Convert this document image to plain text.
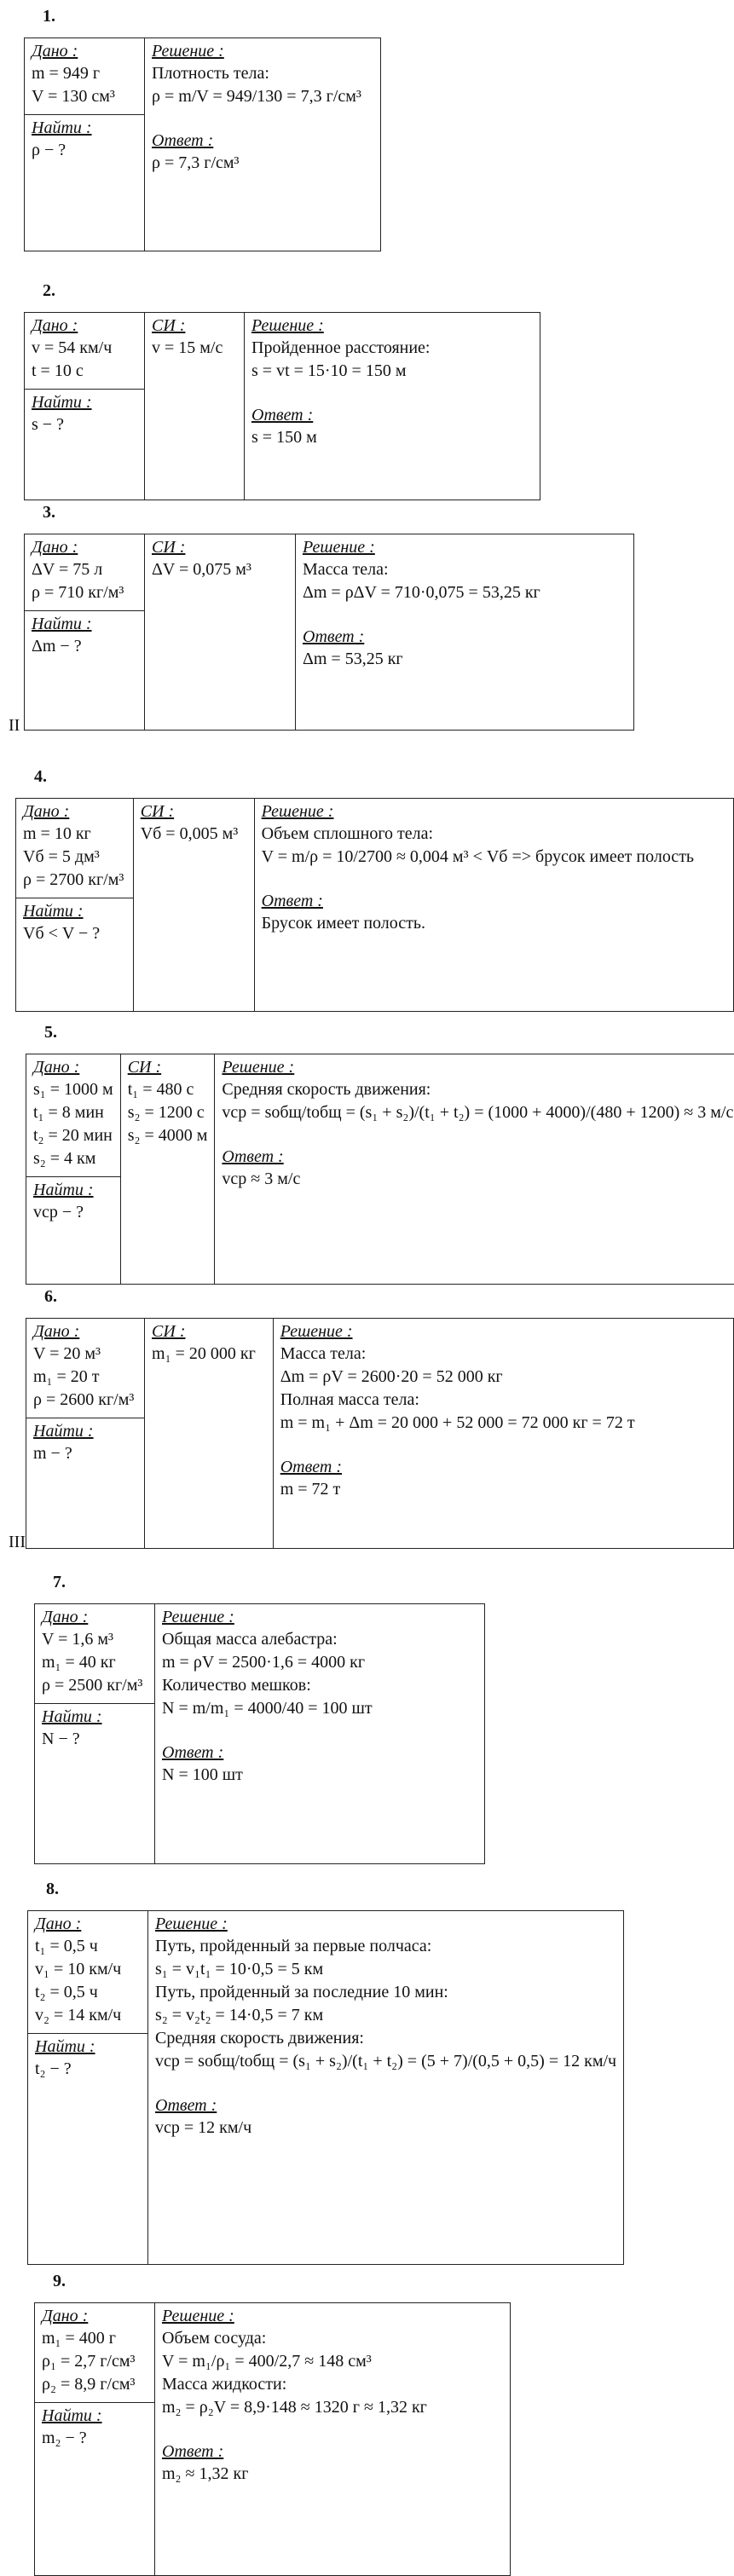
II
III
1.
Дано :
m = 949 г
V = 130 см³
Найти :
ρ − ?

Решение :
Плотность тела:
ρ = m/V = 949/130 = 7,3 г/см³
Ответ :
ρ = 7,3 г/см³
2.
Дано :
v = 54 км/ч
t = 10 с
Найти :
s − ?

СИ :
v = 15 м/с

Решение :
Пройденное расстояние:
s = vt = 15·10 = 150 м
Ответ :
s = 150 м
3.
Дано :
ΔV = 75 л
ρ = 710 кг/м³
Найти :
Δm − ?

СИ :
ΔV = 0,075 м³

Решение :
Масса тела:
Δm = ρΔV = 710·0,075 = 53,25 кг
Ответ :
Δm = 53,25 кг
4.
Дано :
m = 10 кг
Vб = 5 дм³
ρ = 2700 кг/м³
Найти :
Vб < V − ?

СИ :
Vб = 0,005 м³

Решение :
Объем сплошного тела:
V = m/ρ = 10/2700 ≈ 0,004 м³ < Vб => брусок имеет полость
Ответ :
Брусок имеет полость.
5.
Дано :
s₁ = 1000 м
t₁ = 8 мин
t₂ = 20 мин
s₂ = 4 км
Найти :
vср − ?

СИ :
t₁ = 480 с
s₂ = 1200 с
s₂ = 4000 м

Решение :
Средняя скорость движения:
vср = sобщ/tобщ = (s₁ + s₂)/(t₁ + t₂) = (1000 + 4000)/(480 + 1200) ≈ 3 м/с
Ответ :
vср ≈ 3 м/с
6.
Дано :
V = 20 м³
m₁ = 20 т
ρ = 2600 кг/м³
Найти :
m − ?

СИ :
m₁ = 20 000 кг

Решение :
Масса тела:
Δm = ρV = 2600·20 = 52 000 кг
Полная масса тела:
m = m₁ + Δm = 20 000 + 52 000 = 72 000 кг = 72 т
Ответ :
m = 72 т
7.
Дано :
V = 1,6 м³
m₁ = 40 кг
ρ = 2500 кг/м³
Найти :
N − ?

Решение :
Общая масса алебастра:
m = ρV = 2500·1,6 = 4000 кг
Количество мешков:
N = m/m₁ = 4000/40 = 100 шт
Ответ :
N = 100 шт
8.
Дано :
t₁ = 0,5 ч
v₁ = 10 км/ч
t₂ = 0,5 ч
v₂ = 14 км/ч
Найти :
t₂ − ?

Решение :
Путь, пройденный за первые полчаса:
s₁ = v₁t₁ = 10·0,5 = 5 км
Путь, пройденный за последние 10 мин:
s₂ = v₂t₂ = 14·0,5 = 7 км
Средняя скорость движения:
vср = sобщ/tобщ = (s₁ + s₂)/(t₁ + t₂) = (5 + 7)/(0,5 + 0,5) = 12 км/ч
Ответ :
vср = 12 км/ч
9.
Дано :
m₁ = 400 г
ρ₁ = 2,7 г/см³
ρ₂ = 8,9 г/см³
Найти :
m₂ − ?

Решение :
Объем сосуда:
V = m₁/ρ₁ = 400/2,7 ≈ 148 см³
Масса жидкости:
m₂ = ρ₂V = 8,9·148 ≈ 1320 г ≈ 1,32 кг
Ответ :
m₂ ≈ 1,32 кг
